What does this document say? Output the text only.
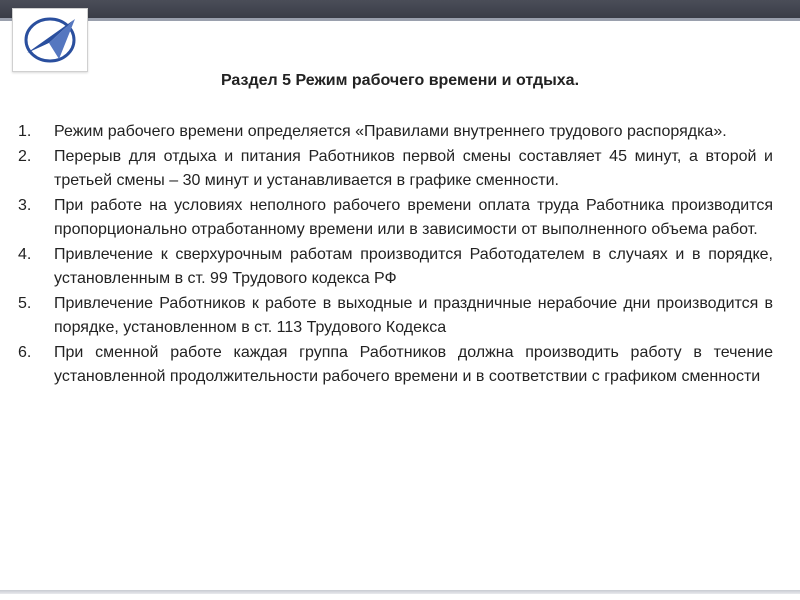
Раздел 5 Режим рабочего времени и отдыха.
1.	Режим рабочего времени определяется «Правилами внутреннего трудового распорядка».
2.	Перерыв для отдыха и питания Работников первой смены составляет 45 минут, а второй и третьей смены – 30 минут и устанавливается в графике сменности.
3.	При работе на условиях неполного рабочего времени оплата труда Работника производится пропорционально отработанному времени или в зависимости от выполненного объема работ.
4.	Привлечение к сверхурочным работам производится Работодателем в случаях и в порядке, установленным в ст. 99 Трудового кодекса РФ
5.	Привлечение Работников к работе в выходные и праздничные нерабочие дни производится в порядке, установленном в ст. 113 Трудового Кодекса
6.	При сменной работе каждая группа Работников должна производить работу в течение установленной продолжительности рабочего времени и в соответствии с графиком сменности
